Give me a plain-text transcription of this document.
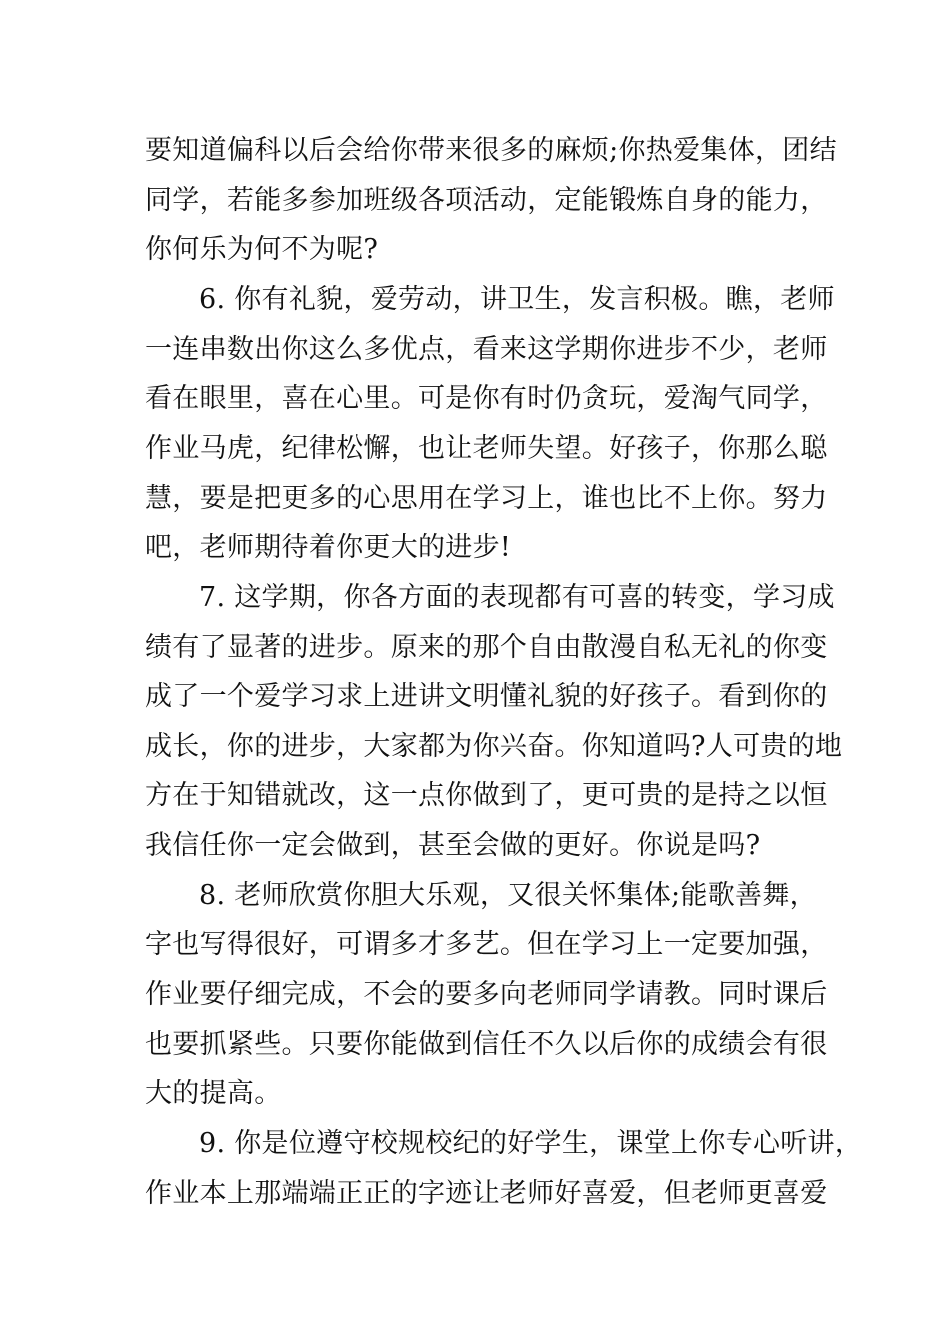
要知道偏科以后会给你带来很多的麻烦;你热爱集体，团结
同学，若能多参加班级各项活动，定能锻炼自身的能力，
你何乐为何不为呢?
6. 你有礼貌，爱劳动，讲卫生，发言积极。瞧，老师
一连串数出你这么多优点，看来这学期你进步不少，老师
看在眼里，喜在心里。可是你有时仍贪玩，爱淘气同学，
作业马虎，纪律松懈，也让老师失望。好孩子，你那么聪
慧，要是把更多的心思用在学习上，谁也比不上你。努力
吧，老师期待着你更大的进步!
7. 这学期，你各方面的表现都有可喜的转变，学习成
绩有了显著的进步。原来的那个自由散漫自私无礼的你变
成了一个爱学习求上进讲文明懂礼貌的好孩子。看到你的
成长，你的进步，大家都为你兴奋。你知道吗?人可贵的地
方在于知错就改，这一点你做到了，更可贵的是持之以恒
我信任你一定会做到，甚至会做的更好。你说是吗?
8. 老师欣赏你胆大乐观，又很关怀集体;能歌善舞，
字也写得很好，可谓多才多艺。但在学习上一定要加强，
作业要仔细完成，不会的要多向老师同学请教。同时课后
也要抓紧些。只要你能做到信任不久以后你的成绩会有很
大的提高。
9. 你是位遵守校规校纪的好学生，课堂上你专心听讲，
作业本上那端端正正的字迹让老师好喜爱，但老师更喜爱
